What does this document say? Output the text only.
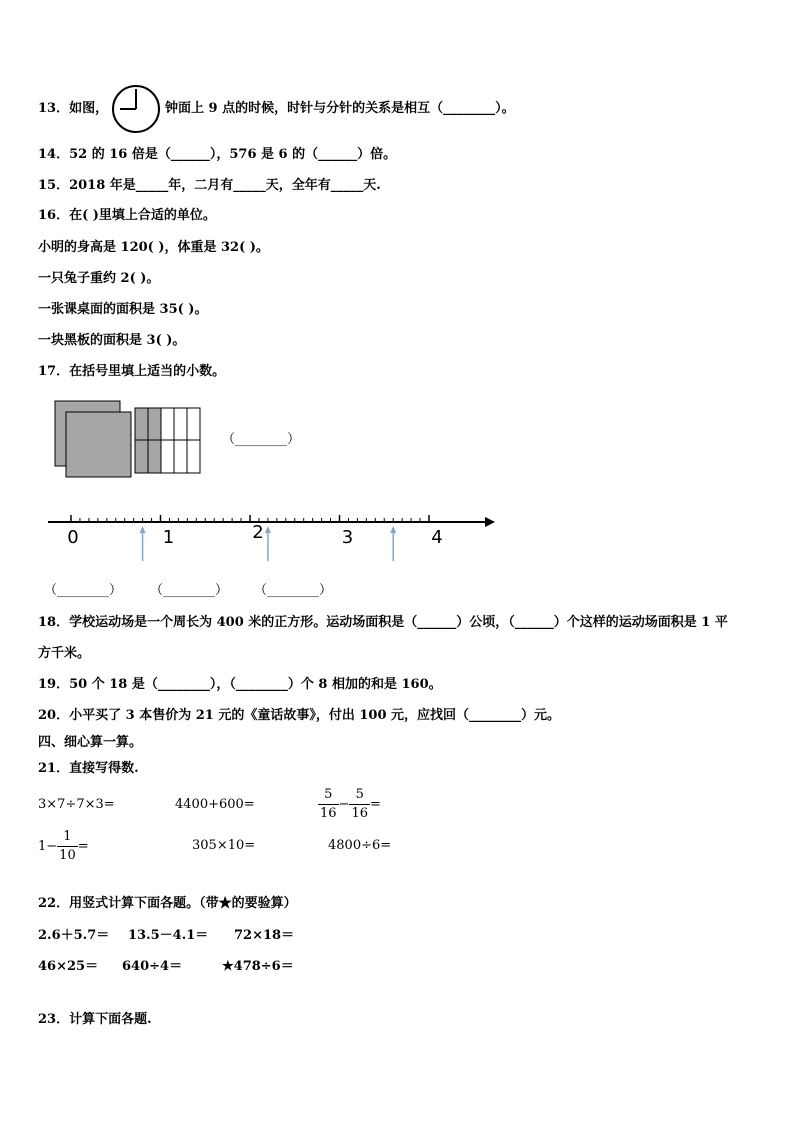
13．如图，	钟面上 9 点的时候，时针与分针的关系是相互（________）。
14．52 的 16 倍是（______），576 是 6 的（______）倍。
15．2018 年是_____年，二月有_____天，全年有_____天.
16．在( )里填上合适的单位。
小明的身高是 120( )，体重是 32( )。
一只兔子重约 2( )。
一张课桌面的面积是 35( )。
一块黑板的面积是 3( )。
17．在括号里填上适当的小数。
（________）
0	1	2	3	4
（________） （________） （________）
18．学校运动场是一个周长为 400 米的正方形。运动场面积是（______）公顷，（______）个这样的运动场面积是 1 平
方千米。
19．50 个 18 是（________），（________）个 8 相加的和是 160。
20．小平买了 3 本售价为 21 元的《童话故事》，付出 100 元，应找回（________）元。
四、细心算一算。
21．直接写得数.
3×7÷7×3=	4400+600=	$\frac{5}{16} - \frac{5}{16}$ =
$1- \frac{1}{10}$ =	305×10=	4800÷6=
22．用竖式计算下面各题。（带★的要验算）
2.6＋5.7＝ 13.5－4.1＝ 72×18＝
46×25＝ 640÷4＝	★478÷6＝
23．计算下面各题.
